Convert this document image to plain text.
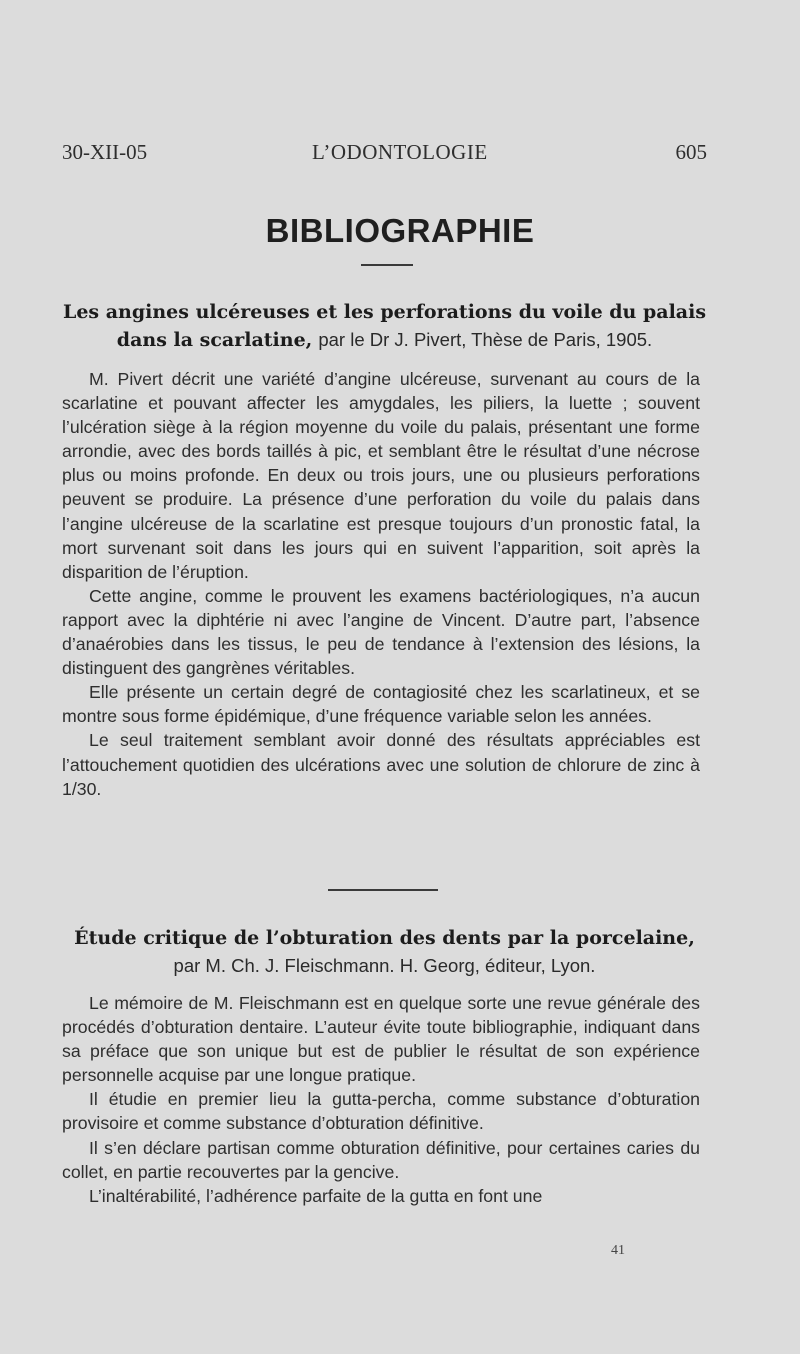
30-XII-05	L’ODONTOLOGIE	605
BIBLIOGRAPHIE
Les angines ulcéreuses et les perforations du voile du palais dans la scarlatine, par le Dr J. Pivert, Thèse de Paris, 1905.

M. Pivert décrit une variété d’angine ulcéreuse, survenant au cours de la scarlatine et pouvant affecter les amygdales, les piliers, la luette ; souvent l’ulcération siège à la région moyenne du voile du palais, présentant une forme arrondie, avec des bords taillés à pic, et semblant être le résultat d’une nécrose plus ou moins profonde. En deux ou trois jours, une ou plusieurs perforations peuvent se produire. La présence d’une perforation du voile du palais dans l’angine ulcéreuse de la scarlatine est presque toujours d’un pronostic fatal, la mort survenant soit dans les jours qui en suivent l’apparition, soit après la disparition de l’éruption.

Cette angine, comme le prouvent les examens bactériologiques, n’a aucun rapport avec la diphtérie ni avec l’angine de Vincent. D’autre part, l’absence d’anaérobies dans les tissus, le peu de tendance à l’extension des lésions, la distinguent des gangrènes véritables.

Elle présente un certain degré de contagiosité chez les scarlatineux, et se montre sous forme épidémique, d’une fréquence variable selon les années.

Le seul traitement semblant avoir donné des résultats appréciables est l’attouchement quotidien des ulcérations avec une solution de chlorure de zinc à 1/30.

Étude critique de l’obturation des dents par la porcelaine, par M. Ch. J. Fleischmann. H. Georg, éditeur, Lyon.

Le mémoire de M. Fleischmann est en quelque sorte une revue générale des procédés d’obturation dentaire. L’auteur évite toute bibliographie, indiquant dans sa préface que son unique but est de publier le résultat de son expérience personnelle acquise par une longue pratique.

Il étudie en premier lieu la gutta-percha, comme substance d’obturation provisoire et comme substance d’obturation définitive.

Il s’en déclare partisan comme obturation définitive, pour certaines caries du collet, en partie recouvertes par la gencive.

L’inaltérabilité, l’adhérence parfaite de la gutta en font une

41
